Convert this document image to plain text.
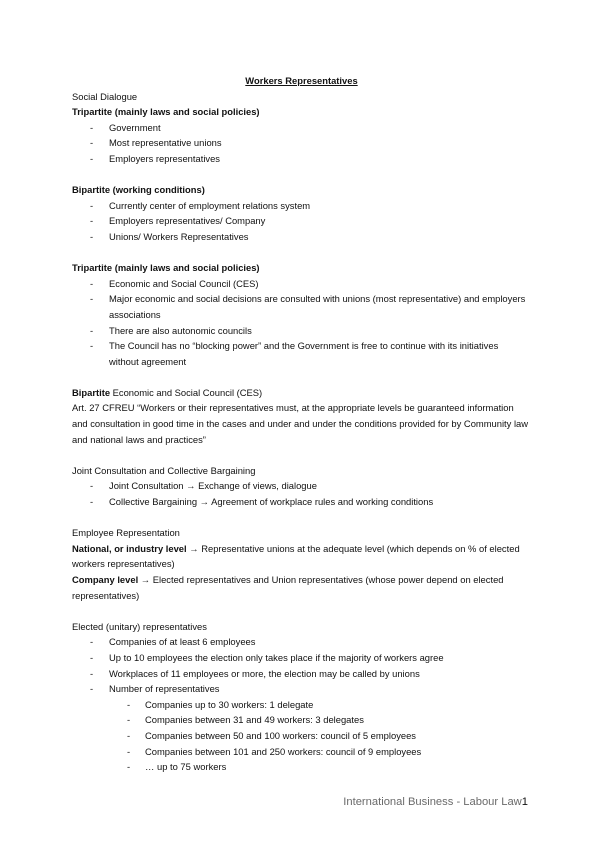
Workers Representatives

Social Dialogue

Tripartite (mainly laws and social policies)

- Government
- Most representative unions
- Employers representatives

Bipartite (working conditions)

- Currently center of employment relations system
- Employers representatives/ Company
- Unions/ Workers Representatives

Tripartite (mainly laws and social policies)

- Economic and Social Council (CES)
- Major economic and social decisions are consulted with unions (most representative) and employers associations
- There are also autonomic councils
- The Council has no “blocking power” and the Government is free to continue with its initiatives without agreement

Bipartite Economic and Social Council (CES)

Art. 27 CFREU “Workers or their representatives must, at the appropriate levels be guaranteed information and consultation in good time in the cases and under and under the conditions provided for by Community law and national laws and practices”

Joint Consultation and Collective Bargaining

- Joint Consultation → Exchange of views, dialogue
- Collective Bargaining → Agreement of workplace rules and working conditions

Employee Representation

National, or industry level → Representative unions at the adequate level (which depends on % of elected workers representatives)

Company level → Elected representatives and Union representatives (whose power depend on elected representatives)

Elected (unitary) representatives

- Companies of at least 6 employees
- Up to 10 employees the election only takes place if the majority of workers agree
- Workplaces of 11 employees or more, the election may be called by unions
- Number of representatives
- Companies up to 30 workers: 1 delegate
- Companies between 31 and 49 workers: 3 delegates
- Companies between 50 and 100 workers: council of 5 employees
- Companies between 101 and 250 workers: council of 9 employees
- … up to 75 workers
International Business - Labour Law1
